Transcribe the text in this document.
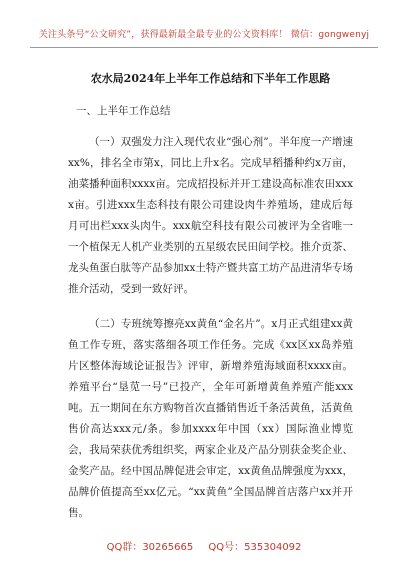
关注头条号“公文研究”，获得最新最全最专业的公文资料库！ 微信：gongwenyj
农水局2024年上半年工作总结和下半年工作思路
一、上半年工作总结

（一）双强发力注入现代农业“强心剂”。半年度一产增速xx%，排名全市第x，同比上升x名。完成早稻播种约x万亩，油菜播种面积xxxx亩。完成招投标并开工建设高标准农田xxxx亩。引进xxx生态科技有限公司建设肉牛养殖场，建成后每月可出栏xxx头肉牛。xxx航空科技有限公司被评为全省唯一一个植保无人机产业类别的五星级农民田间学校。推介贡茶、龙头鱼蛋白肽等产品参加xx土特产暨共富工坊产品进清华专场推介活动，受到一致好评。

（二）专班统筹擦亮xx黄鱼“金名片”。x月正式组建xx黄鱼工作专班，落实落细各项工作任务。完成《xx区xx岛养殖片区整体海域论证报告》评审，新增养殖海域面积xxxx亩。养殖平台“垦苋一号”已投产，全年可新增黄鱼养殖产能xxx吨。五一期间在东方购物首次直播销售近千条活黄鱼，活黄鱼售价高达xxx元/条。参加xxxx年中国（xx）国际渔业博览会，我局荣获优秀组织奖，两家企业及产品分别获金奖企业、金奖产品。经中国品牌促进会审定，xx黄鱼品牌强度为xxx，品牌价值提高至xx亿元。“xx黄鱼”全国品牌首店落户xx并开售。

QQ群：30265665 QQ号：535304092
